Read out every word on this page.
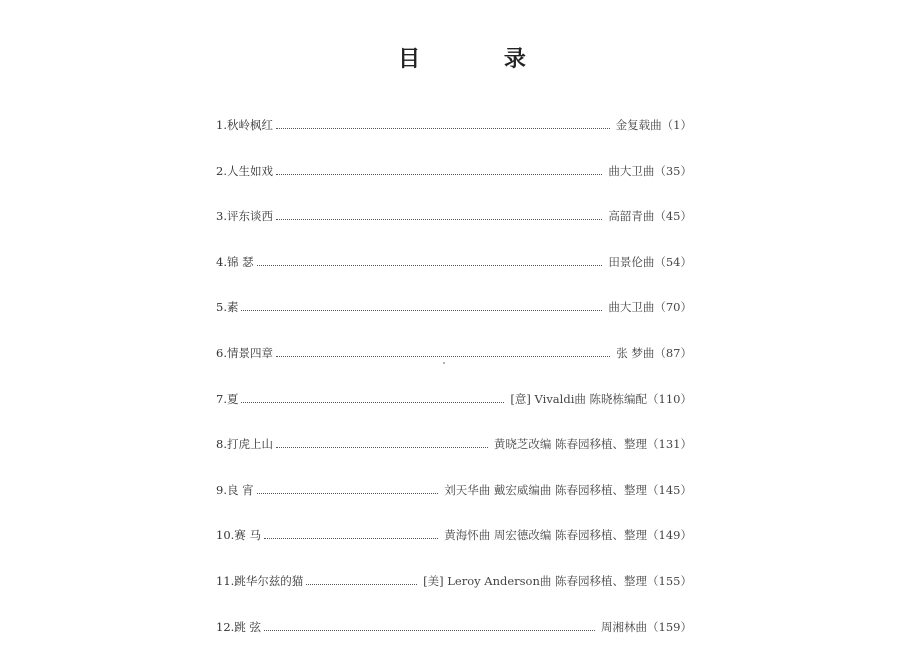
目 录
1. 秋岭枫红	金复载曲 （1）
2. 人生如戏	曲大卫曲 （35）
3. 评东谈西	高韶青曲 （45）
4. 锦 瑟	田景伦曲 （54）
5. 素	曲大卫曲 （70）
6. 情景四章	张 梦曲 （87）
7. 夏	[意] Vivaldi曲 陈晓栋编配 （110）
8. 打虎上山	黄晓芝改编 陈春园移植、整理 （131）
9. 良 宵	刘天华曲 戴宏威编曲 陈春园移植、整理 （145）
10. 赛 马	黄海怀曲 周宏德改编 陈春园移植、整理 （149）
11. 跳华尔兹的猫	[美] Leroy Anderson曲 陈春园移植、整理 （155）
12. 跳 弦	周湘林曲 （159）
